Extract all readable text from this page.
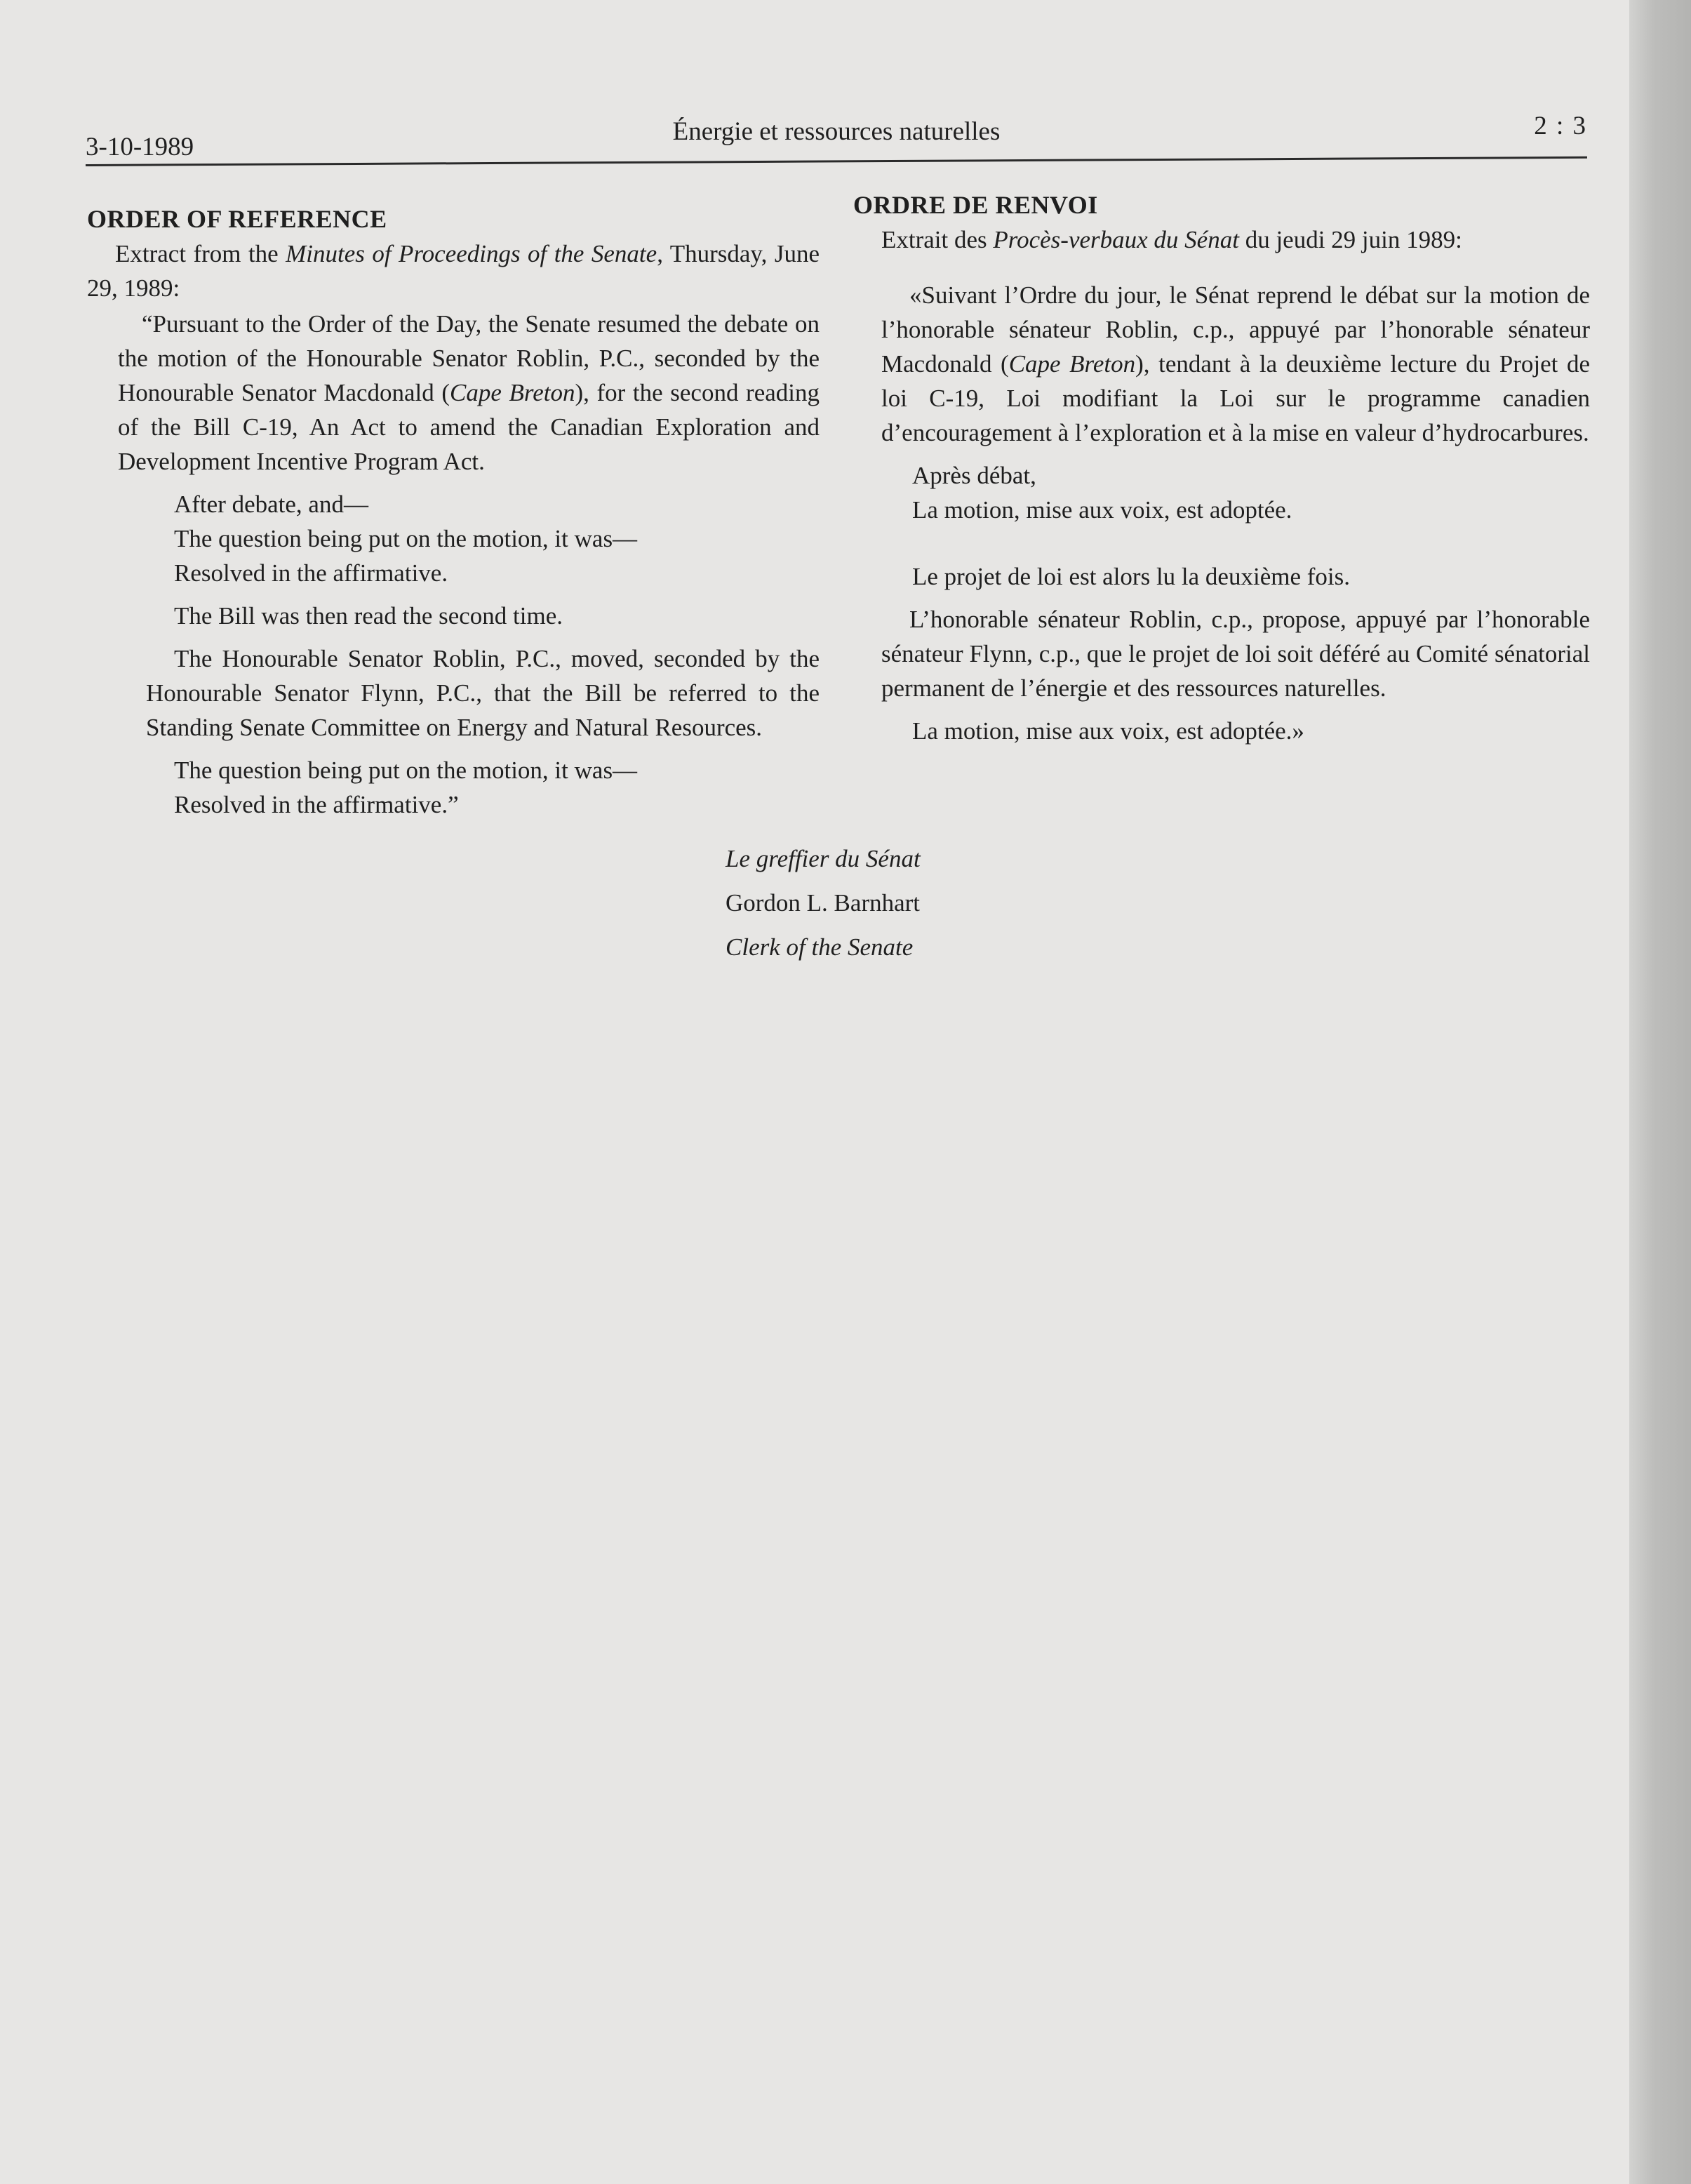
3-10-1989
Énergie et ressources naturelles	2 : 3

ORDER OF REFERENCE

Extract from the Minutes of Proceedings of the Senate, Thursday, June 29, 1989:

“Pursuant to the Order of the Day, the Senate resumed the debate on the motion of the Honourable Senator Roblin, P.C., seconded by the Honourable Senator Macdonald (Cape Breton), for the second reading of the Bill C-19, An Act to amend the Canadian Exploration and Development Incentive Program Act.

After debate, and—

The question being put on the motion, it was—

Resolved in the affirmative.

The Bill was then read the second time.

The Honourable Senator Roblin, P.C., moved, seconded by the Honourable Senator Flynn, P.C., that the Bill be referred to the Standing Senate Committee on Energy and Natural Resources.

The question being put on the motion, it was—

Resolved in the affirmative.”

Le greffier du Sénat

Gordon L. Barnhart

Clerk of the Senate

ORDRE DE RENVOI

Extrait des Procès-verbaux du Sénat du jeudi 29 juin 1989:

«Suivant l’Ordre du jour, le Sénat reprend le débat sur la motion de l’honorable sénateur Roblin, c.p., appuyé par l’honorable sénateur Macdonald (Cape Breton), tendant à la deuxième lecture du Projet de loi C-19, Loi modifiant la Loi sur le programme canadien d’encouragement à l’exploration et à la mise en valeur d’hydrocarbures.

Après débat,

La motion, mise aux voix, est adoptée.

Le projet de loi est alors lu la deuxième fois.

L’honorable sénateur Roblin, c.p., propose, appuyé par l’honorable sénateur Flynn, c.p., que le projet de loi soit déféré au Comité sénatorial permanent de l’énergie et des ressources naturelles.

La motion, mise aux voix, est adoptée.»
